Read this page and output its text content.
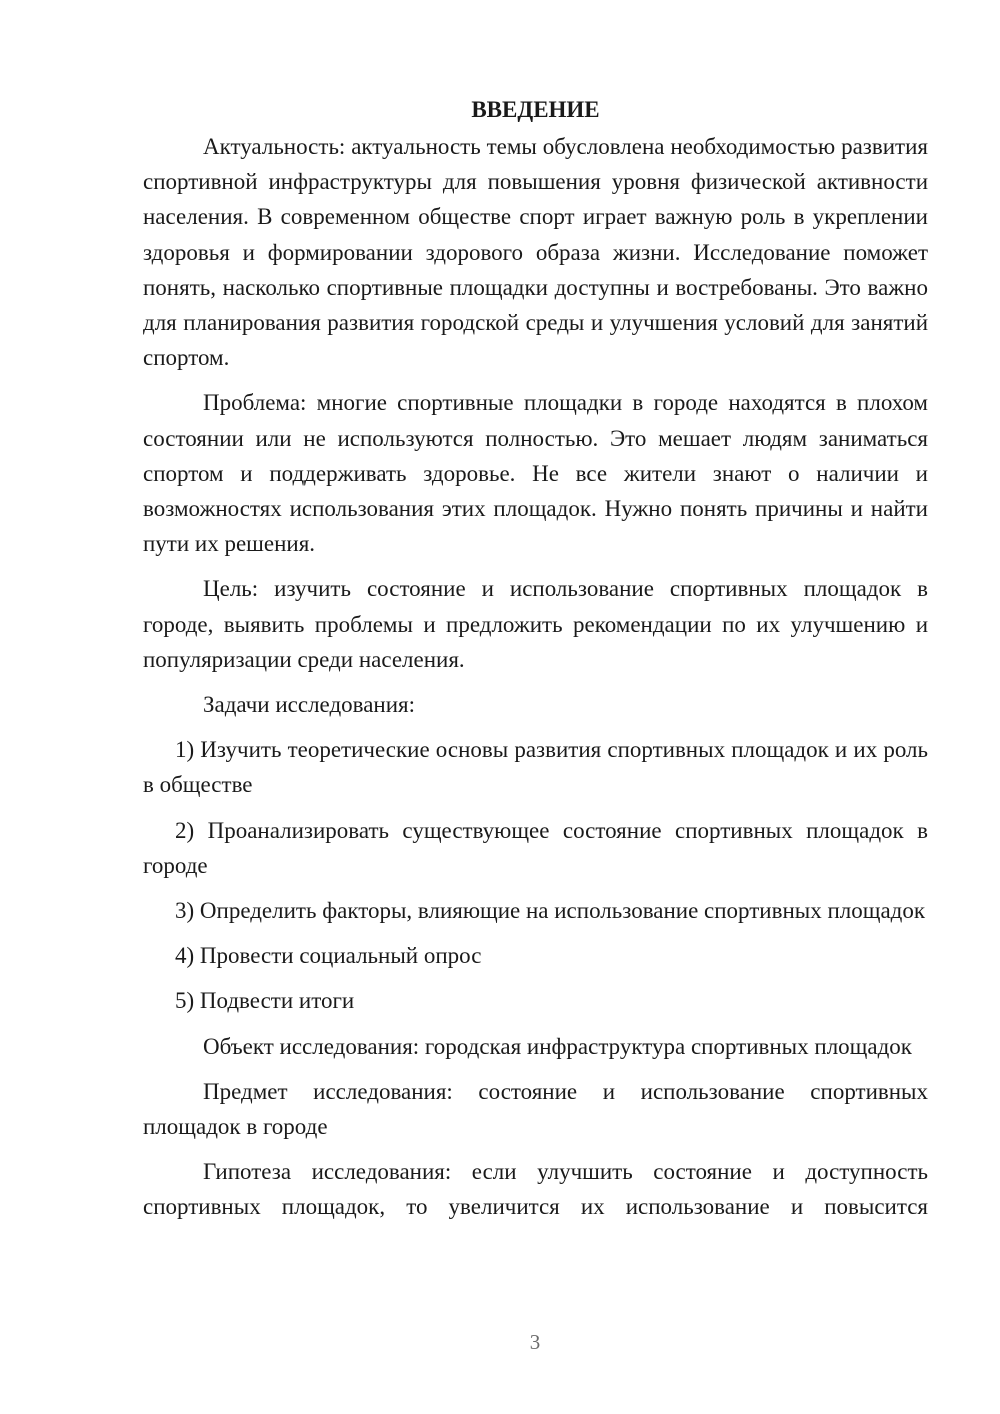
ВВЕДЕНИЕ

Актуальность: актуальность темы обусловлена необходимостью развития спортивной инфраструктуры для повышения уровня физической активности населения. В современном обществе спорт играет важную роль в укреплении здоровья и формировании здорового образа жизни. Исследование поможет понять, насколько спортивные площадки доступны и востребованы. Это важно для планирования развития городской среды и улучшения условий для занятий спортом.

Проблема: многие спортивные площадки в городе находятся в плохом состоянии или не используются полностью. Это мешает людям заниматься спортом и поддерживать здоровье. Не все жители знают о наличии и возможностях использования этих площадок. Нужно понять причины и найти пути их решения.

Цель: изучить состояние и использование спортивных площадок в городе, выявить проблемы и предложить рекомендации по их улучшению и популяризации среди населения.

Задачи исследования:

1) Изучить теоретические основы развития спортивных площадок и их роль в обществе

2) Проанализировать существующее состояние спортивных площадок в городе

3) Определить факторы, влияющие на использование спортивных площадок

4) Провести социальный опрос

5) Подвести итоги

Объект исследования: городская инфраструктура спортивных площадок

Предмет исследования: состояние и использование спортивных площадок в городе

Гипотеза исследования: если улучшить состояние и доступность спортивных площадок, то увеличится их использование и повысится

3
